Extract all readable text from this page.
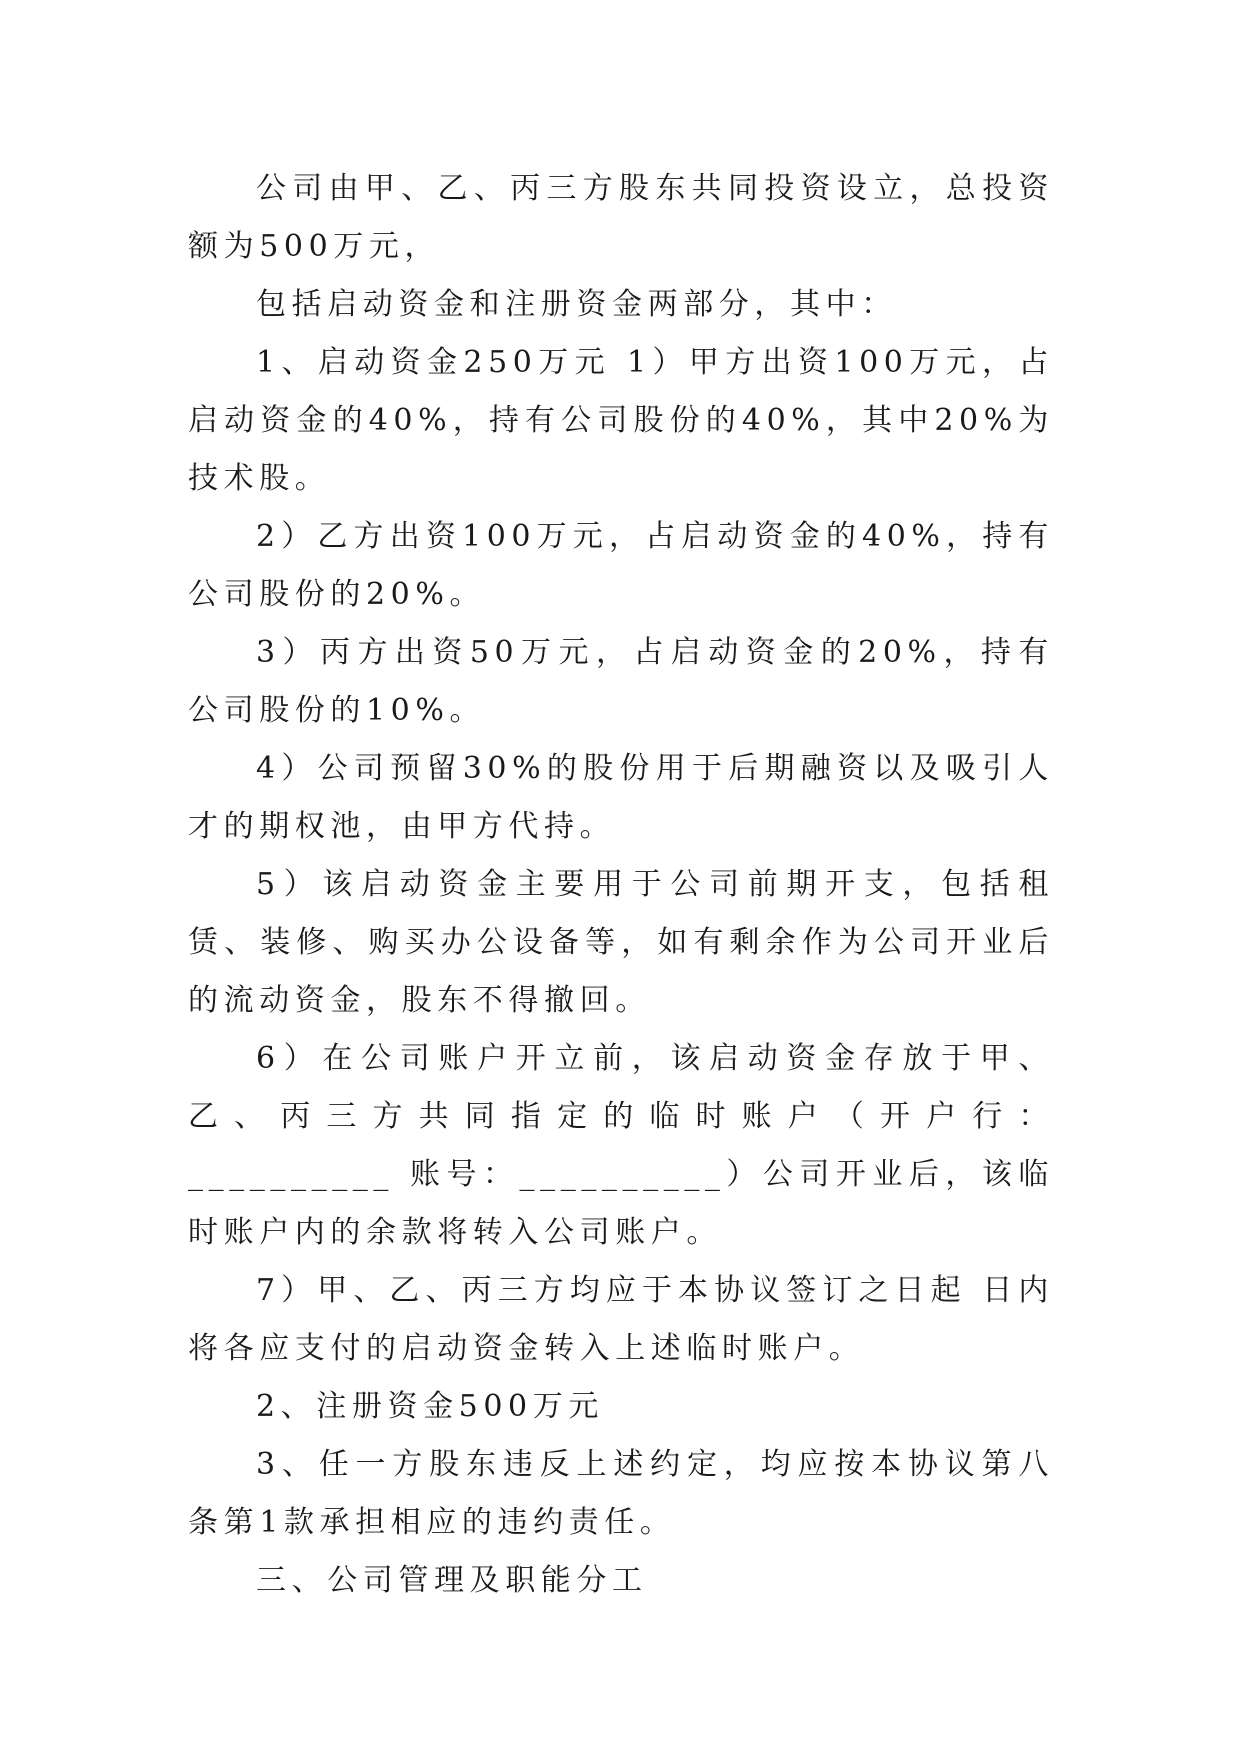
公司由甲、乙、丙三方股东共同投资设立，总投资额为500万元，

包括启动资金和注册资金两部分，其中：

1、启动资金250万元 1）甲方出资100万元，占启动资金的40%，持有公司股份的40%，其中20%为技术股。

2）乙方出资100万元，占启动资金的40%，持有公司股份的20%。

3）丙方出资50万元，占启动资金的20%，持有公司股份的10%。

4）公司预留30%的股份用于后期融资以及吸引人才的期权池，由甲方代持。

5）该启动资金主要用于公司前期开支，包括租赁、装修、购买办公设备等，如有剩余作为公司开业后的流动资金，股东不得撤回。

6）在公司账户开立前，该启动资金存放于甲、乙、丙三方共同指定的临时账户（开户行：__________ 账号：__________）公司开业后，该临时账户内的余款将转入公司账户。

7）甲、乙、丙三方均应于本协议签订之日起 日内将各应支付的启动资金转入上述临时账户。

2、注册资金500万元

3、任一方股东违反上述约定，均应按本协议第八条第1款承担相应的违约责任。

三、公司管理及职能分工
